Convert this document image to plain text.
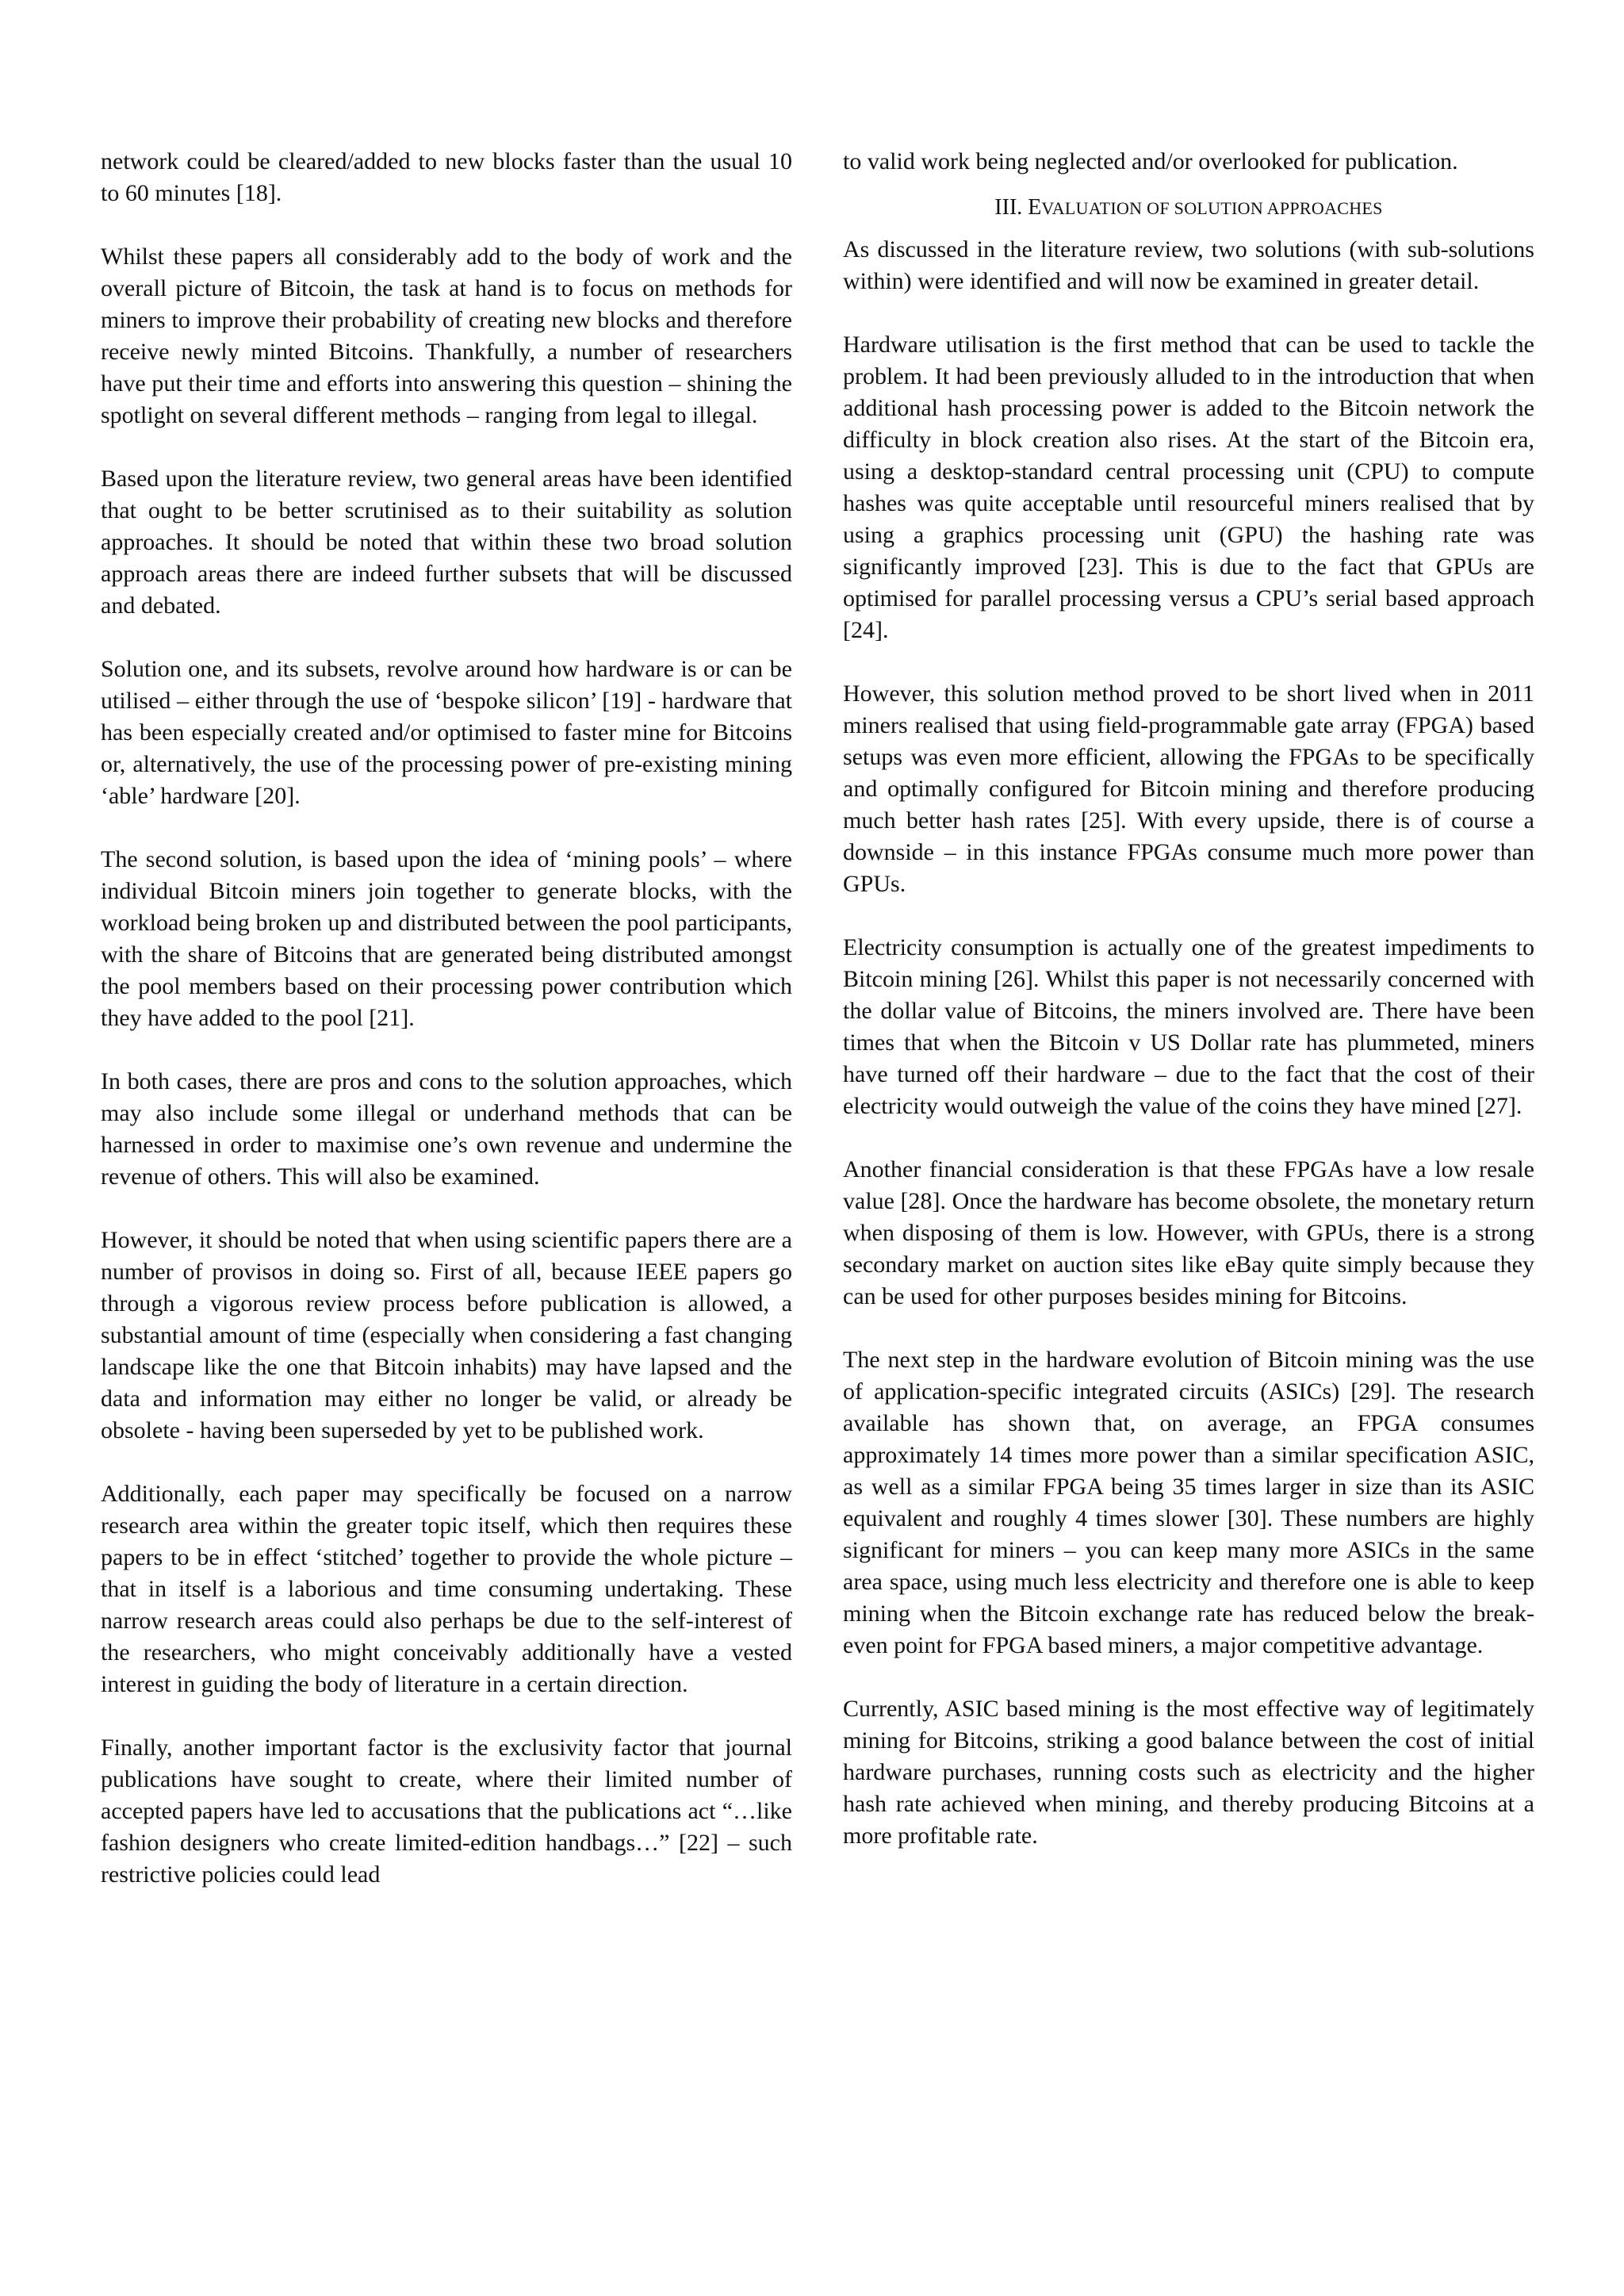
network could be cleared/added to new blocks faster than the usual 10 to 60 minutes [18].

Whilst these papers all considerably add to the body of work and the overall picture of Bitcoin, the task at hand is to focus on methods for miners to improve their probability of creating new blocks and therefore receive newly minted Bitcoins. Thankfully, a number of researchers have put their time and efforts into answering this question – shining the spotlight on several different methods – ranging from legal to illegal.

Based upon the literature review, two general areas have been identified that ought to be better scrutinised as to their suitability as solution approaches. It should be noted that within these two broad solution approach areas there are indeed further subsets that will be discussed and debated.

Solution one, and its subsets, revolve around how hardware is or can be utilised – either through the use of ‘bespoke silicon’ [19] - hardware that has been especially created and/or optimised to faster mine for Bitcoins or, alternatively, the use of the processing power of pre-existing mining ‘able’ hardware [20].

The second solution, is based upon the idea of ‘mining pools’ – where individual Bitcoin miners join together to generate blocks, with the workload being broken up and distributed between the pool participants, with the share of Bitcoins that are generated being distributed amongst the pool members based on their processing power contribution which they have added to the pool [21].

In both cases, there are pros and cons to the solution approaches, which may also include some illegal or underhand methods that can be harnessed in order to maximise one’s own revenue and undermine the revenue of others. This will also be examined.

However, it should be noted that when using scientific papers there are a number of provisos in doing so. First of all, because IEEE papers go through a vigorous review process before publication is allowed, a substantial amount of time (especially when considering a fast changing landscape like the one that Bitcoin inhabits) may have lapsed and the data and information may either no longer be valid, or already be obsolete - having been superseded by yet to be published work.

Additionally, each paper may specifically be focused on a narrow research area within the greater topic itself, which then requires these papers to be in effect ‘stitched’ together to provide the whole picture – that in itself is a laborious and time consuming undertaking. These narrow research areas could also perhaps be due to the self-interest of the researchers, who might conceivably additionally have a vested interest in guiding the body of literature in a certain direction.

Finally, another important factor is the exclusivity factor that journal publications have sought to create, where their limited number of accepted papers have led to accusations that the publications act “…like fashion designers who create limited-edition handbags…” [22] – such restrictive policies could lead

to valid work being neglected and/or overlooked for publication.

III. EVALUATION OF SOLUTION APPROACHES

As discussed in the literature review, two solutions (with sub-solutions within) were identified and will now be examined in greater detail.

Hardware utilisation is the first method that can be used to tackle the problem. It had been previously alluded to in the introduction that when additional hash processing power is added to the Bitcoin network the difficulty in block creation also rises. At the start of the Bitcoin era, using a desktop-standard central processing unit (CPU) to compute hashes was quite acceptable until resourceful miners realised that by using a graphics processing unit (GPU) the hashing rate was significantly improved [23]. This is due to the fact that GPUs are optimised for parallel processing versus a CPU’s serial based approach [24].

However, this solution method proved to be short lived when in 2011 miners realised that using field-programmable gate array (FPGA) based setups was even more efficient, allowing the FPGAs to be specifically and optimally configured for Bitcoin mining and therefore producing much better hash rates [25]. With every upside, there is of course a downside – in this instance FPGAs consume much more power than GPUs.

Electricity consumption is actually one of the greatest impediments to Bitcoin mining [26]. Whilst this paper is not necessarily concerned with the dollar value of Bitcoins, the miners involved are. There have been times that when the Bitcoin v US Dollar rate has plummeted, miners have turned off their hardware – due to the fact that the cost of their electricity would outweigh the value of the coins they have mined [27].

Another financial consideration is that these FPGAs have a low resale value [28]. Once the hardware has become obsolete, the monetary return when disposing of them is low. However, with GPUs, there is a strong secondary market on auction sites like eBay quite simply because they can be used for other purposes besides mining for Bitcoins.

The next step in the hardware evolution of Bitcoin mining was the use of application-specific integrated circuits (ASICs) [29]. The research available has shown that, on average, an FPGA consumes approximately 14 times more power than a similar specification ASIC, as well as a similar FPGA being 35 times larger in size than its ASIC equivalent and roughly 4 times slower [30]. These numbers are highly significant for miners – you can keep many more ASICs in the same area space, using much less electricity and therefore one is able to keep mining when the Bitcoin exchange rate has reduced below the break-even point for FPGA based miners, a major competitive advantage.

Currently, ASIC based mining is the most effective way of legitimately mining for Bitcoins, striking a good balance between the cost of initial hardware purchases, running costs such as electricity and the higher hash rate achieved when mining, and thereby producing Bitcoins at a more profitable rate.
